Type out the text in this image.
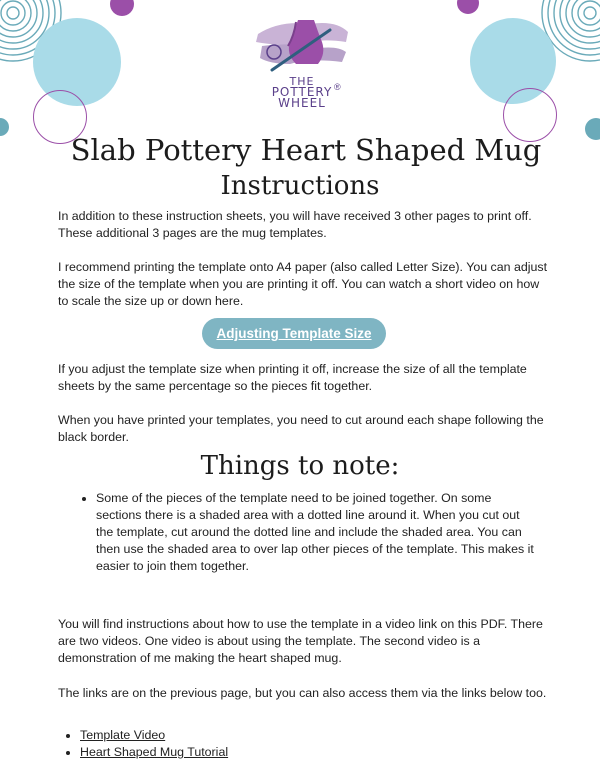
THE
POTTERY
WHEEL
®
Slab Pottery Heart Shaped Mug
Instructions

In addition to these instruction sheets, you will have received 3 other pages to print off. These additional 3 pages are the mug templates.

I recommend printing the template onto A4 paper (also called Letter Size). You can adjust the size of the template when you are printing it off. You can watch a short video on how to scale the size up or down here.

Adjusting Template Size

If you adjust the template size when printing it off, increase the size of all the template sheets by the same percentage so the pieces fit together.

When you have printed your templates, you need to cut around each shape following the black border.

Things to note:
• Some of the pieces of the template need to be joined together. On some sections there is a shaded area with a dotted line around it. When you cut out the template, cut around the dotted line and include the shaded area. You can then use the shaded area to over lap other pieces of the template. This makes it easier to join them together.

You will find instructions about how to use the template in a video link on this PDF. There are two videos. One video is about using the template. The second video is a demonstration of me making the heart shaped mug.

The links are on the previous page, but you can also access them via the links below too.

• Template Video
• Heart Shaped Mug Tutorial
